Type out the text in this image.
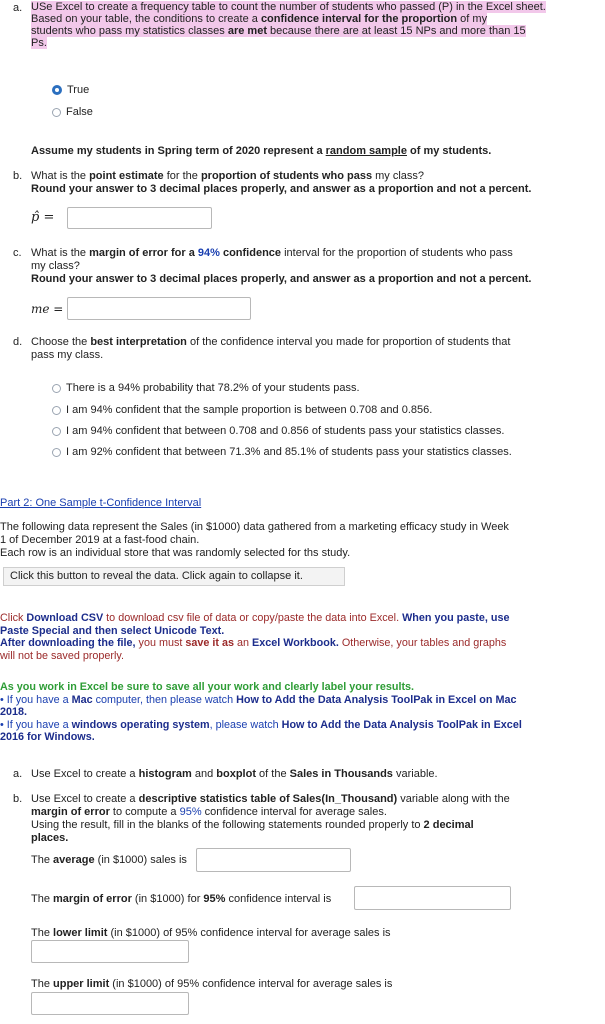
a. USe Excel to create a frequency table to count the number of students who passed (P) in the Excel sheet.
Based on your table, the conditions to create a confidence interval for the proportion of my
students who pass my statistics classes are met because there are at least 15 NPs and more than 15
Ps.
True
False
Assume my students in Spring term of 2020 represent a random sample of my students.
b. What is the point estimate for the proportion of students who pass my class?
Round your answer to 3 decimal places properly, and answer as a proportion and not a percent.
p̂ =
c. What is the margin of error for a 94% confidence interval for the proportion of students who pass
my class?
Round your answer to 3 decimal places properly, and answer as a proportion and not a percent.
me =
d. Choose the best interpretation of the confidence interval you made for proportion of students that
pass my class.
There is a 94% probability that 78.2% of your students pass.
I am 94% confident that the sample proportion is between 0.708 and 0.856.
I am 94% confident that between 0.708 and 0.856 of students pass your statistics classes.
I am 92% confident that between 71.3% and 85.1% of students pass your statistics classes.
Part 2: One Sample t-Confidence Interval
The following data represent the Sales (in $1000) data gathered from a marketing efficacy study in Week
1 of December 2019 at a fast-food chain.
Each row is an individual store that was randomly selected for ths study.
Click this button to reveal the data. Click again to collapse it.
Click Download CSV to download csv file of data or copy/paste the data into Excel. When you paste, use
Paste Special and then select Unicode Text.
After downloading the file, you must save it as an Excel Workbook. Otherwise, your tables and graphs
will not be saved properly.
As you work in Excel be sure to save all your work and clearly label your results.
• If you have a Mac computer, then please watch How to Add the Data Analysis ToolPak in Excel on Mac
2018.
• If you have a windows operating system, please watch How to Add the Data Analysis ToolPak in Excel
2016 for Windows.
a. Use Excel to create a histogram and boxplot of the Sales in Thousands variable.
b. Use Excel to create a descriptive statistics table of Sales(In_Thousand) variable along with the
margin of error to compute a 95% confidence interval for average sales.
Using the result, fill in the blanks of the following statements rounded properly to 2 decimal
places.
The average (in $1000) sales is
The margin of error (in $1000) for 95% confidence interval is
The lower limit (in $1000) of 95% confidence interval for average sales is
The upper limit (in $1000) of 95% confidence interval for average sales is
